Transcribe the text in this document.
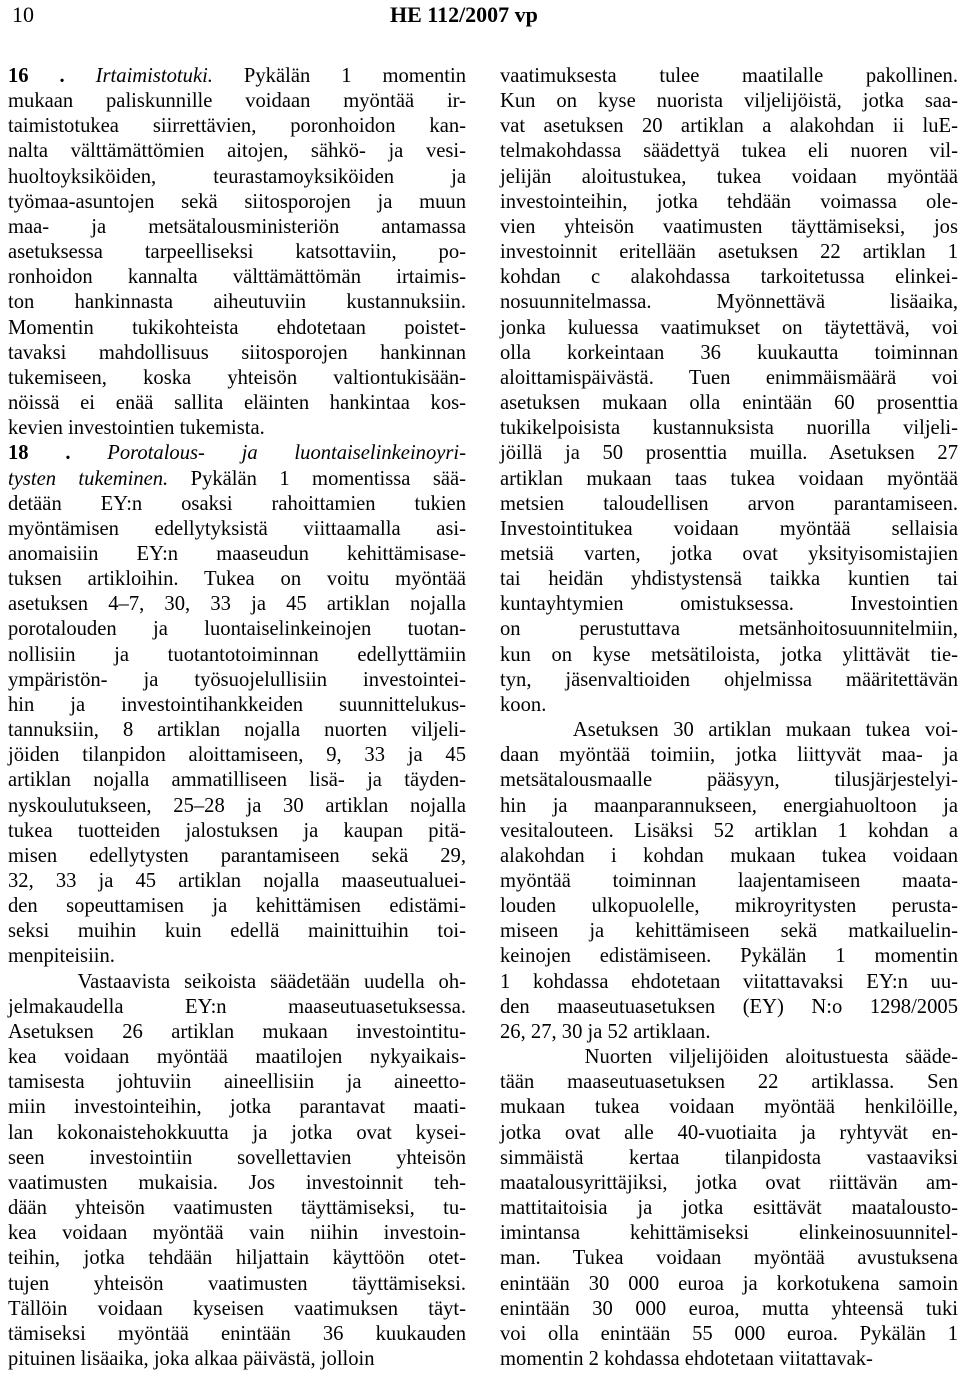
10	HE 112/2007 vp
16 . Irtaimistotuki. Pykälän 1 momentin
mukaan paliskunnille voidaan myöntää ir-
taimistotukea siirrettävien, poronhoidon kan-
nalta välttämättömien aitojen, sähkö- ja vesi-
huoltoyksiköiden, teurastamoyksiköiden ja
työmaa-asuntojen sekä siitosporojen ja muun
maa- ja metsätalousministeriön antamassa
asetuksessa tarpeelliseksi katsottaviin, po-
ronhoidon kannalta välttämättömän irtaimis-
ton hankinnasta aiheutuviin kustannuksiin.
Momentin tukikohteista ehdotetaan poistet-
tavaksi mahdollisuus siitosporojen hankinnan
tukemiseen, koska yhteisön valtiontukisään-
nöissä ei enää sallita eläinten hankintaa kos-
kevien investointien tukemista.
18 . Porotalous- ja luontaiselinkeinoyri-
tysten tukeminen. Pykälän 1 momentissa sää-
detään EY:n osaksi rahoittamien tukien
myöntämisen edellytyksistä viittaamalla asi-
anomaisiin EY:n maaseudun kehittämisase-
tuksen artikloihin. Tukea on voitu myöntää
asetuksen 4–7, 30, 33 ja 45 artiklan nojalla
porotalouden ja luontaiselinkeinojen tuotan-
nollisiin ja tuotantotoiminnan edellyttämiin
ympäristön- ja työsuojelullisiin investointei-
hin ja investointihankkeiden suunnittelukus-
tannuksiin, 8 artiklan nojalla nuorten viljeli-
jöiden tilanpidon aloittamiseen, 9, 33 ja 45
artiklan nojalla ammatilliseen lisä- ja täyden-
nyskoulutukseen, 25–28 ja 30 artiklan nojalla
tukea tuotteiden jalostuksen ja kaupan pitä-
misen edellytysten parantamiseen sekä 29,
32, 33 ja 45 artiklan nojalla maaseutualuei-
den sopeuttamisen ja kehittämisen edistämi-
seksi muihin kuin edellä mainittuihin toi-
menpiteisiin.
Vastaavista seikoista säädetään uudella oh-
jelmakaudella EY:n maaseutuasetuksessa.
Asetuksen 26 artiklan mukaan investointitu-
kea voidaan myöntää maatilojen nykyaikais-
tamisesta johtuviin aineellisiin ja aineetto-
miin investointeihin, jotka parantavat maati-
lan kokonaistehokkuutta ja jotka ovat kysei-
seen investointiin sovellettavien yhteisön
vaatimusten mukaisia. Jos investoinnit teh-
dään yhteisön vaatimusten täyttämiseksi, tu-
kea voidaan myöntää vain niihin investoin-
teihin, jotka tehdään hiljattain käyttöön otet-
tujen yhteisön vaatimusten täyttämiseksi.
Tällöin voidaan kyseisen vaatimuksen täyt-
tämiseksi myöntää enintään 36 kuukauden
pituinen lisäaika, joka alkaa päivästä, jolloin
vaatimuksesta tulee maatilalle pakollinen.
Kun on kyse nuorista viljelijöistä, jotka saa-
vat asetuksen 20 artiklan a alakohdan ii luE-
telmakohdassa säädettyä tukea eli nuoren vil-
jelijän aloitustukea, tukea voidaan myöntää
investointeihin, jotka tehdään voimassa ole-
vien yhteisön vaatimusten täyttämiseksi, jos
investoinnit eritellään asetuksen 22 artiklan 1
kohdan c alakohdassa tarkoitetussa elinkei-
nosuunnitelmassa. Myönnettävä lisäaika,
jonka kuluessa vaatimukset on täytettävä, voi
olla korkeintaan 36 kuukautta toiminnan
aloittamispäivästä. Tuen enimmäismäärä voi
asetuksen mukaan olla enintään 60 prosenttia
tukikelpoisista kustannuksista nuorilla viljeli-
jöillä ja 50 prosenttia muilla. Asetuksen 27
artiklan mukaan taas tukea voidaan myöntää
metsien taloudellisen arvon parantamiseen.
Investointitukea voidaan myöntää sellaisia
metsiä varten, jotka ovat yksityisomistajien
tai heidän yhdistystensä taikka kuntien tai
kuntayhtymien omistuksessa. Investointien
on perustuttava metsänhoitosuunnitelmiin,
kun on kyse metsätiloista, jotka ylittävät tie-
tyn, jäsenvaltioiden ohjelmissa määritettävän
koon.
Asetuksen 30 artiklan mukaan tukea voi-
daan myöntää toimiin, jotka liittyvät maa- ja
metsätalousmaalle pääsyyn, tilusjärjestelyi-
hin ja maanparannukseen, energiahuoltoon ja
vesitalouteen. Lisäksi 52 artiklan 1 kohdan a
alakohdan i kohdan mukaan tukea voidaan
myöntää toiminnan laajentamiseen maata-
louden ulkopuolelle, mikroyritysten perusta-
miseen ja kehittämiseen sekä matkailuelin-
keinojen edistämiseen. Pykälän 1 momentin
1 kohdassa ehdotetaan viitattavaksi EY:n uu-
den maaseutuasetuksen (EY) N:o 1298/2005
26, 27, 30 ja 52 artiklaan.
Nuorten viljelijöiden aloitustuesta sääde-
tään maaseutuasetuksen 22 artiklassa. Sen
mukaan tukea voidaan myöntää henkilöille,
jotka ovat alle 40-vuotiaita ja ryhtyvät en-
simmäistä kertaa tilanpidosta vastaaviksi
maatalousyrittäjiksi, jotka ovat riittävän am-
mattitaitoisia ja jotka esittävät maatalousto-
imintansa kehittämiseksi elinkeinosuunnitel-
man. Tukea voidaan myöntää avustuksena
enintään 30 000 euroa ja korkotukena samoin
enintään 30 000 euroa, mutta yhteensä tuki
voi olla enintään 55 000 euroa. Pykälän 1
momentin 2 kohdassa ehdotetaan viitattavak-
